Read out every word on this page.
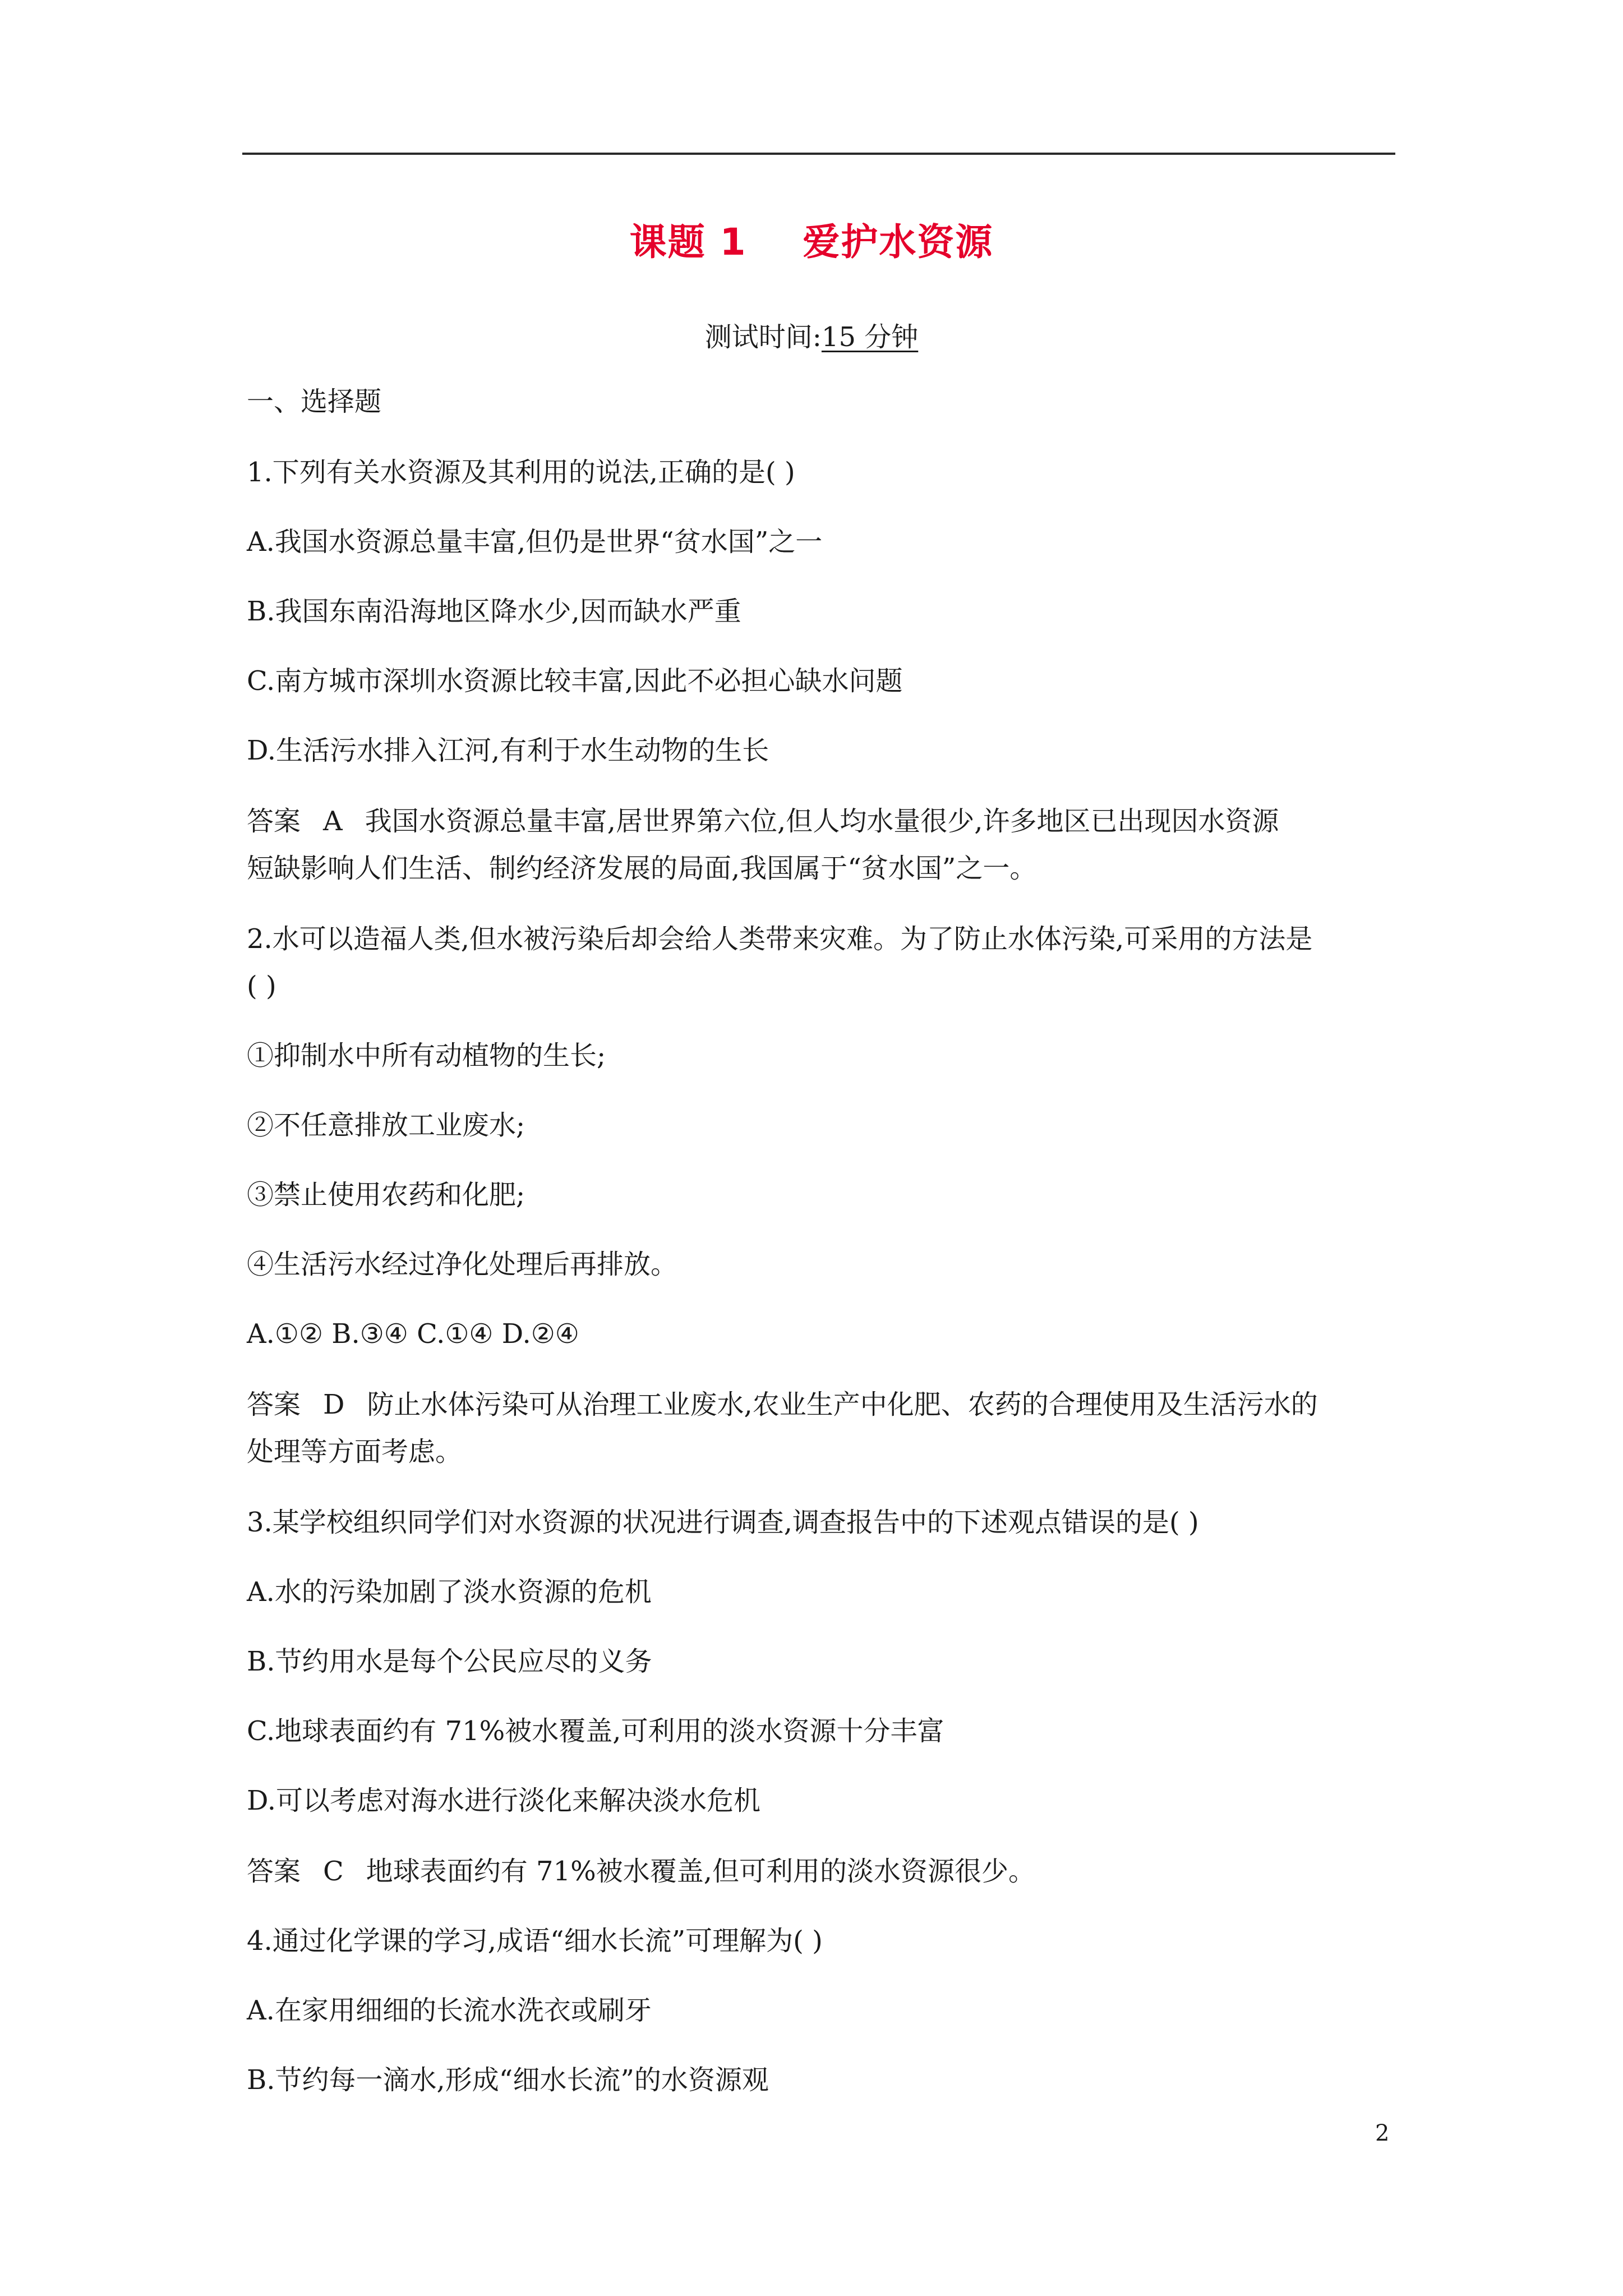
课题 1    爱护水资源
测试时间:15 分钟
一、选择题
1.下列有关水资源及其利用的说法,正确的是( )
A.我国水资源总量丰富,但仍是世界“贫水国”之一
B.我国东南沿海地区降水少,因而缺水严重
C.南方城市深圳水资源比较丰富,因此不必担心缺水问题
D.生活污水排入江河,有利于水生动物的生长
答案 A 我国水资源总量丰富,居世界第六位,但人均水量很少,许多地区已出现因水资源
短缺影响人们生活、制约经济发展的局面,我国属于“贫水国”之一。
2.水可以造福人类,但水被污染后却会给人类带来灾难。为了防止水体污染,可采用的方法是
( )
①抑制水中所有动植物的生长;
②不任意排放工业废水;
③禁止使用农药和化肥;
④生活污水经过净化处理后再排放。
A.①② B.③④ C.①④ D.②④
答案 D 防止水体污染可从治理工业废水,农业生产中化肥、农药的合理使用及生活污水的
处理等方面考虑。
3.某学校组织同学们对水资源的状况进行调查,调查报告中的下述观点错误的是( )
A.水的污染加剧了淡水资源的危机
B.节约用水是每个公民应尽的义务
C.地球表面约有 71%被水覆盖,可利用的淡水资源十分丰富
D.可以考虑对海水进行淡化来解决淡水危机
答案 C 地球表面约有 71%被水覆盖,但可利用的淡水资源很少。
4.通过化学课的学习,成语“细水长流”可理解为( )
A.在家用细细的长流水洗衣或刷牙
B.节约每一滴水,形成“细水长流”的水资源观
2
